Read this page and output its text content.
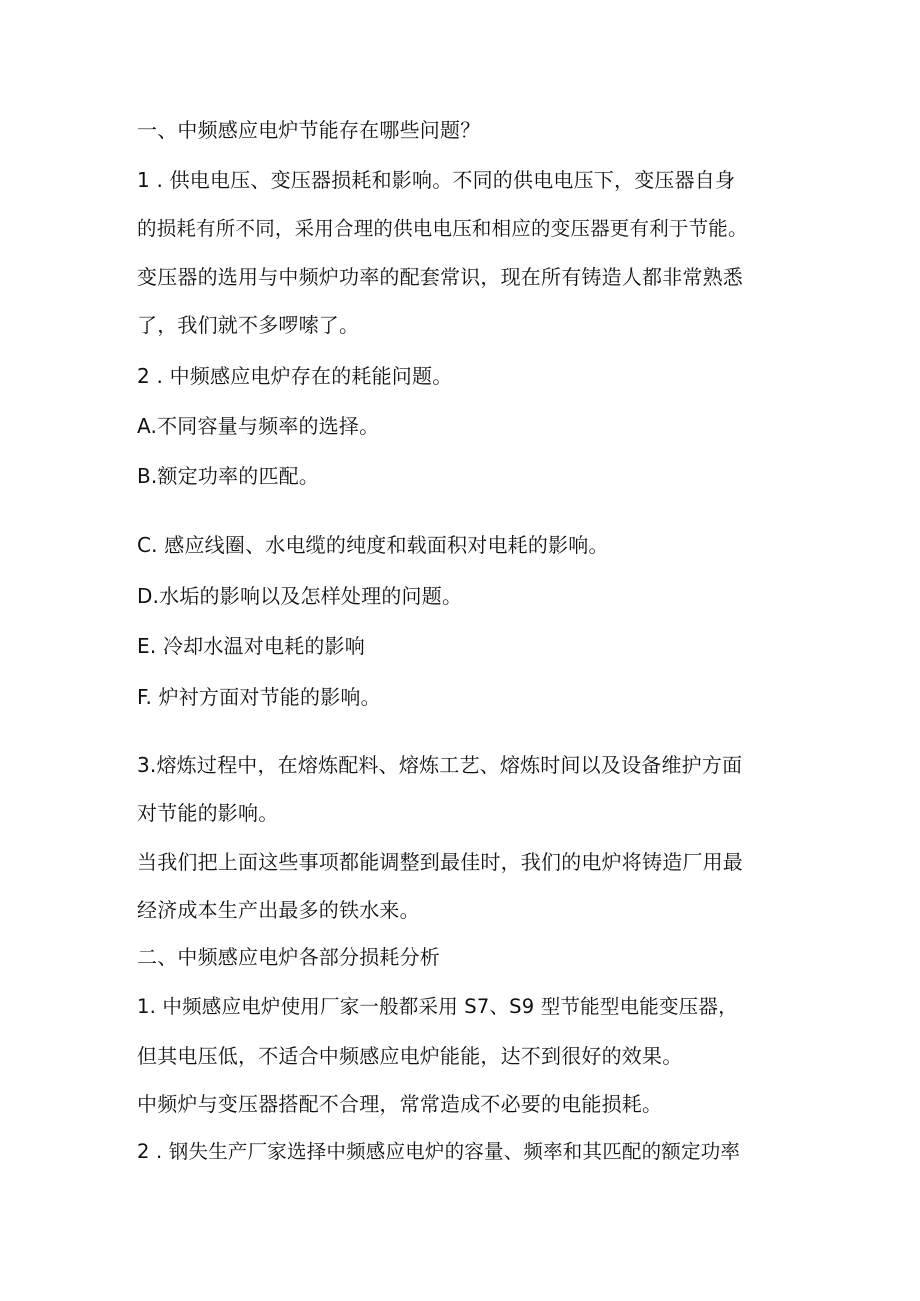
一、中频感应电炉节能存在哪些问题？
1 . 供电电压、变压器损耗和影响。不同的供电电压下，变压器自身
的损耗有所不同，采用合理的供电电压和相应的变压器更有利于节能。
变压器的选用与中频炉功率的配套常识，现在所有铸造人都非常熟悉
了，我们就不多啰嗦了。
2 . 中频感应电炉存在的耗能问题。
A.不同容量与频率的选择。
B.额定功率的匹配。
C. 感应线圈、水电缆的纯度和载面积对电耗的影响。
D.水垢的影响以及怎样处理的问题。
E. 冷却水温对电耗的影响
F. 炉衬方面对节能的影响。
3.熔炼过程中，在熔炼配料、熔炼工艺、熔炼时间以及设备维护方面
对节能的影响。
当我们把上面这些事项都能调整到最佳时，我们的电炉将铸造厂用最
经济成本生产出最多的铁水来。
二、中频感应电炉各部分损耗分析
1. 中频感应电炉使用厂家一般都采用 S7、S9 型节能型电能变压器，
但其电压低，不适合中频感应电炉能能，达不到很好的效果。
中频炉与变压器搭配不合理，常常造成不必要的电能损耗。
2 . 钢失生产厂家选择中频感应电炉的容量、频率和其匹配的额定功率
